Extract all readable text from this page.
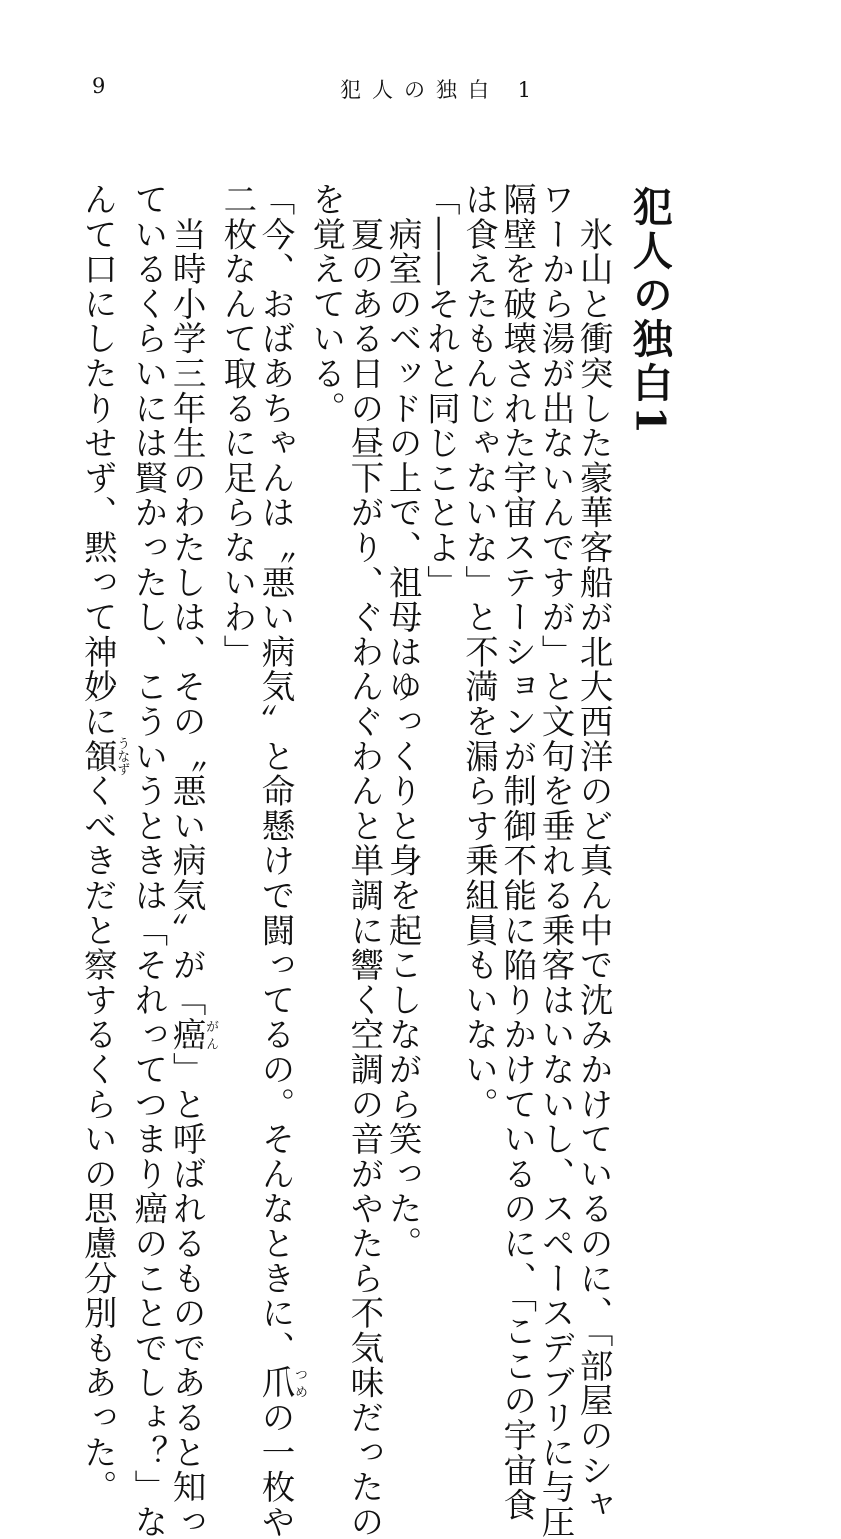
9	犯人の独白 1
犯人の独白1
　氷山と衝突した豪華客船が北大西洋のど真ん中で沈みかけているのに、「部屋のシャ
ワーから湯が出ないんですが」と文句を垂れる乗客はいないし、スペースデブリに与圧
隔壁を破壊された宇宙ステーションが制御不能に陥りかけているのに、「ここの宇宙食
は食えたもんじゃないな」と不満を漏らす乗組員もいない。
「――それと同じことよ」
　病室のベッドの上で、祖母はゆっくりと身を起こしながら笑った。
　夏のある日の昼下がり、ぐわんぐわんと単調に響く空調の音がやたら不気味だったの
を覚えている。
「今、おばあちゃんは〝悪い病気〟と命懸けで闘ってるの。そんなときに、爪つめの一枚や
二枚なんて取るに足らないわ」
　当時小学三年生のわたしは、その〝悪い病気〟が「癌がん」と呼ばれるものであると知っ
ているくらいには賢かったし、こういうときは「それってつまり癌のことでしょ？」な
んて口にしたりせず、黙って神妙に頷うなずくべきだと察するくらいの思慮分別もあった。
